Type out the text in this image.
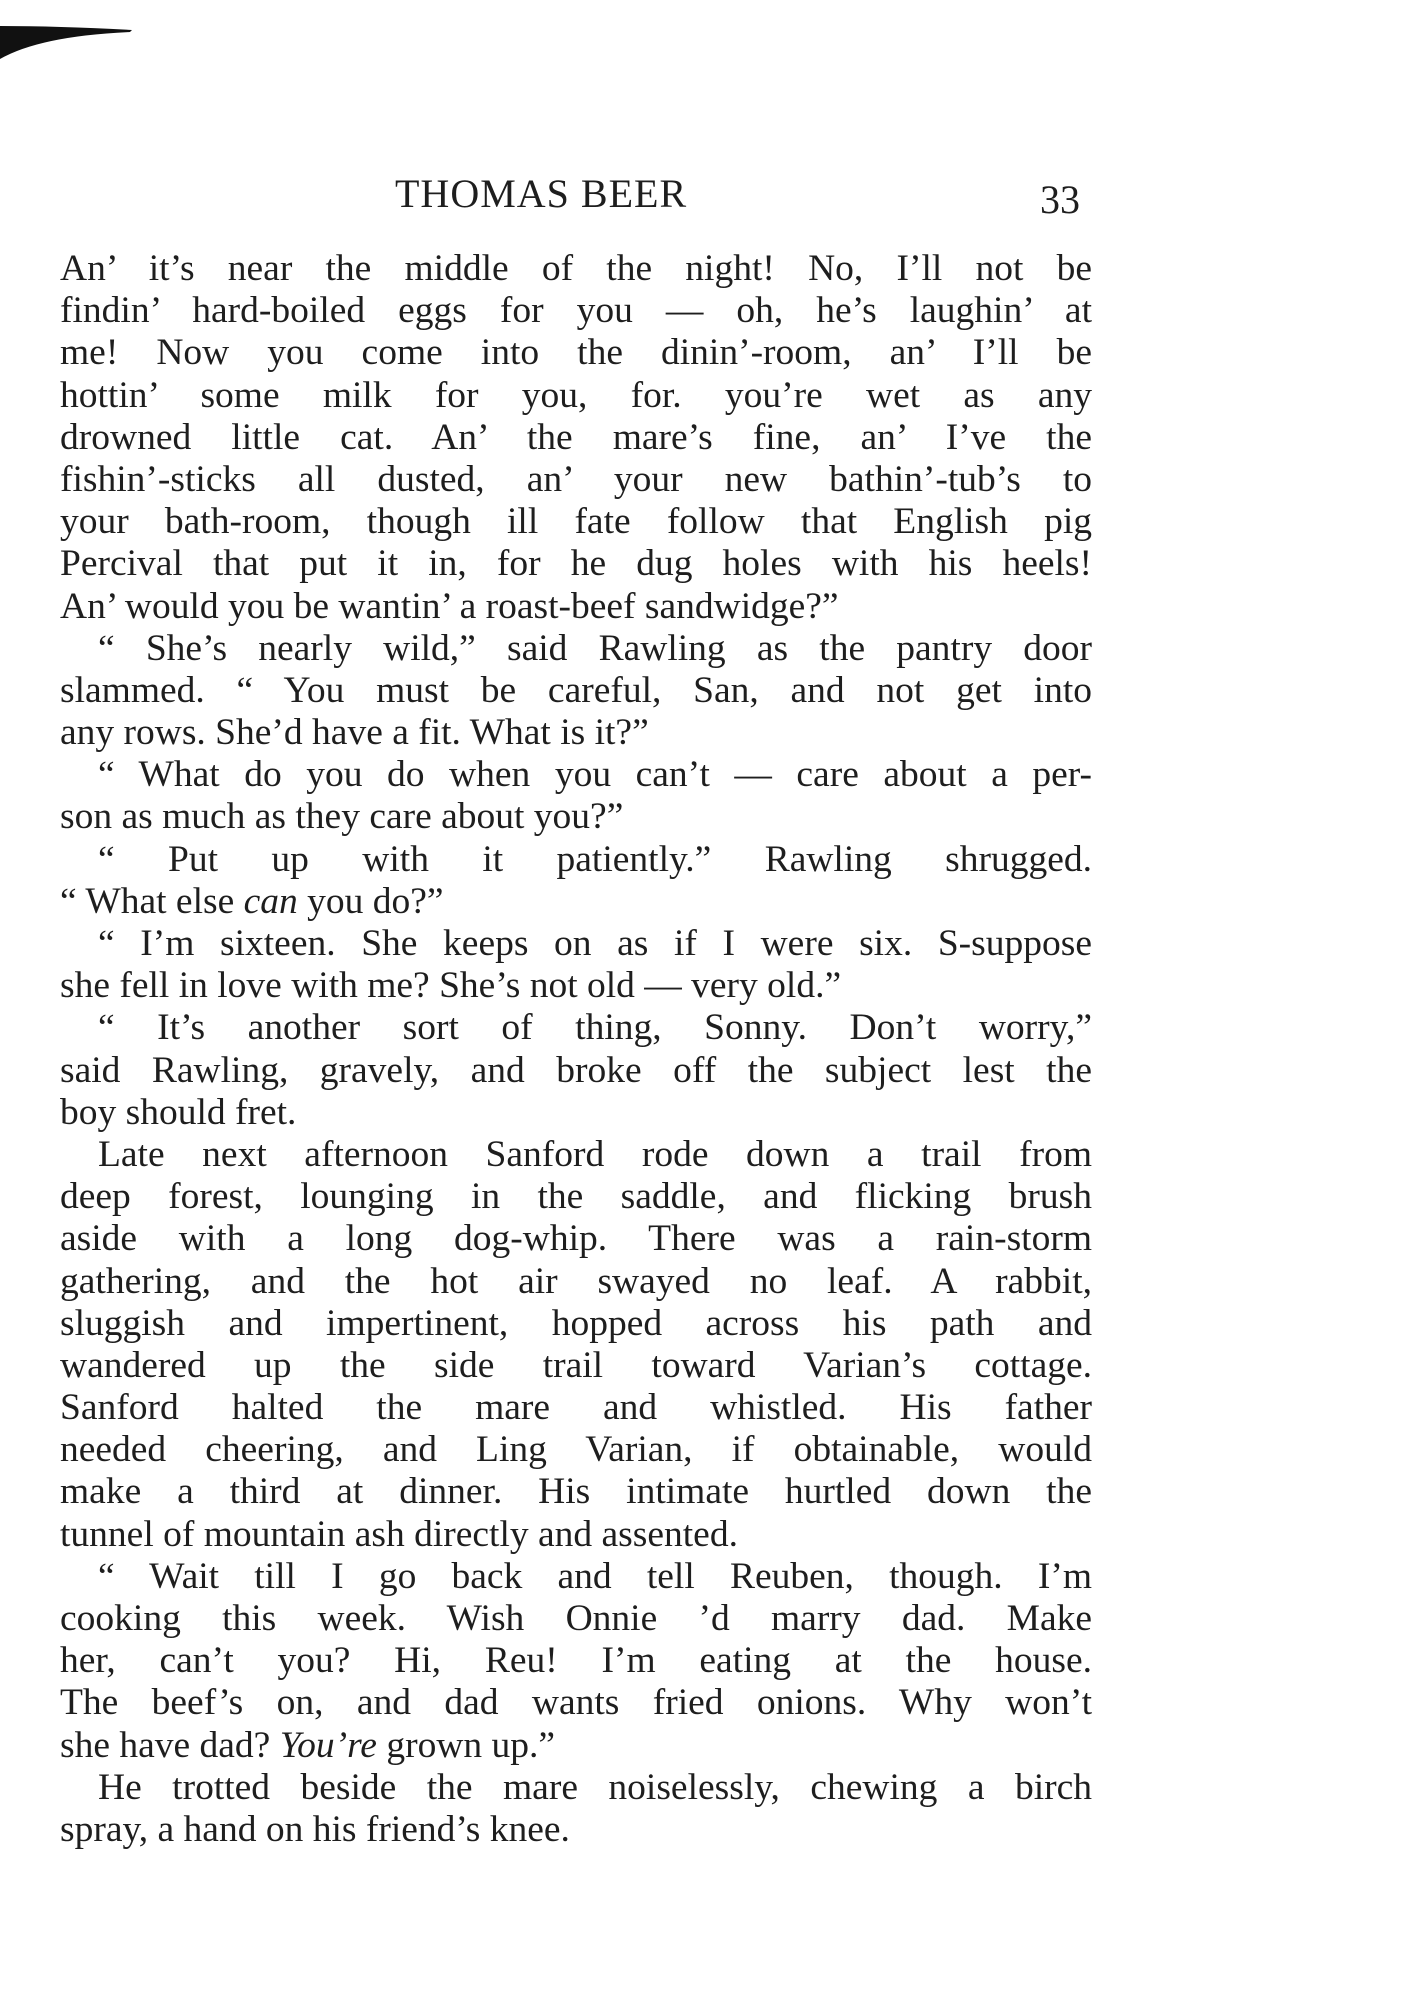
THOMAS BEER	33

An’ it’s near the middle of the night! No, I’ll not be

findin’ hard-boiled eggs for you — oh, he’s laughin’ at

me! Now you come into the dinin’-room, an’ I’ll be

hottin’ some milk for you, for. you’re wet as any

drowned little cat. An’ the mare’s fine, an’ I’ve the

fishin’-sticks all dusted, an’ your new bathin’-tub’s to

your bath-room, though ill fate follow that English pig

Percival that put it in, for he dug holes with his heels!

An’ would you be wantin’ a roast-beef sandwidge?”

“ She’s nearly wild,” said Rawling as the pantry door

slammed. “ You must be careful, San, and not get into

any rows. She’d have a fit. What is it?”

“ What do you do when you can’t — care about a per-

son as much as they care about you?”

“ Put up with it patiently.” Rawling shrugged.

“ What else can you do?”

“ I’m sixteen. She keeps on as if I were six. S-suppose

she fell in love with me? She’s not old — very old.”

“ It’s another sort of thing, Sonny. Don’t worry,”

said Rawling, gravely, and broke off the subject lest the

boy should fret.

Late next afternoon Sanford rode down a trail from

deep forest, lounging in the saddle, and flicking brush

aside with a long dog-whip. There was a rain-storm

gathering, and the hot air swayed no leaf. A rabbit,

sluggish and impertinent, hopped across his path and

wandered up the side trail toward Varian’s cottage.

Sanford halted the mare and whistled. His father

needed cheering, and Ling Varian, if obtainable, would

make a third at dinner. His intimate hurtled down the

tunnel of mountain ash directly and assented.

“ Wait till I go back and tell Reuben, though. I’m

cooking this week. Wish Onnie ’d marry dad. Make

her, can’t you? Hi, Reu! I’m eating at the house.

The beef’s on, and dad wants fried onions. Why won’t

she have dad? You’re grown up.”

He trotted beside the mare noiselessly, chewing a birch

spray, a hand on his friend’s knee.
